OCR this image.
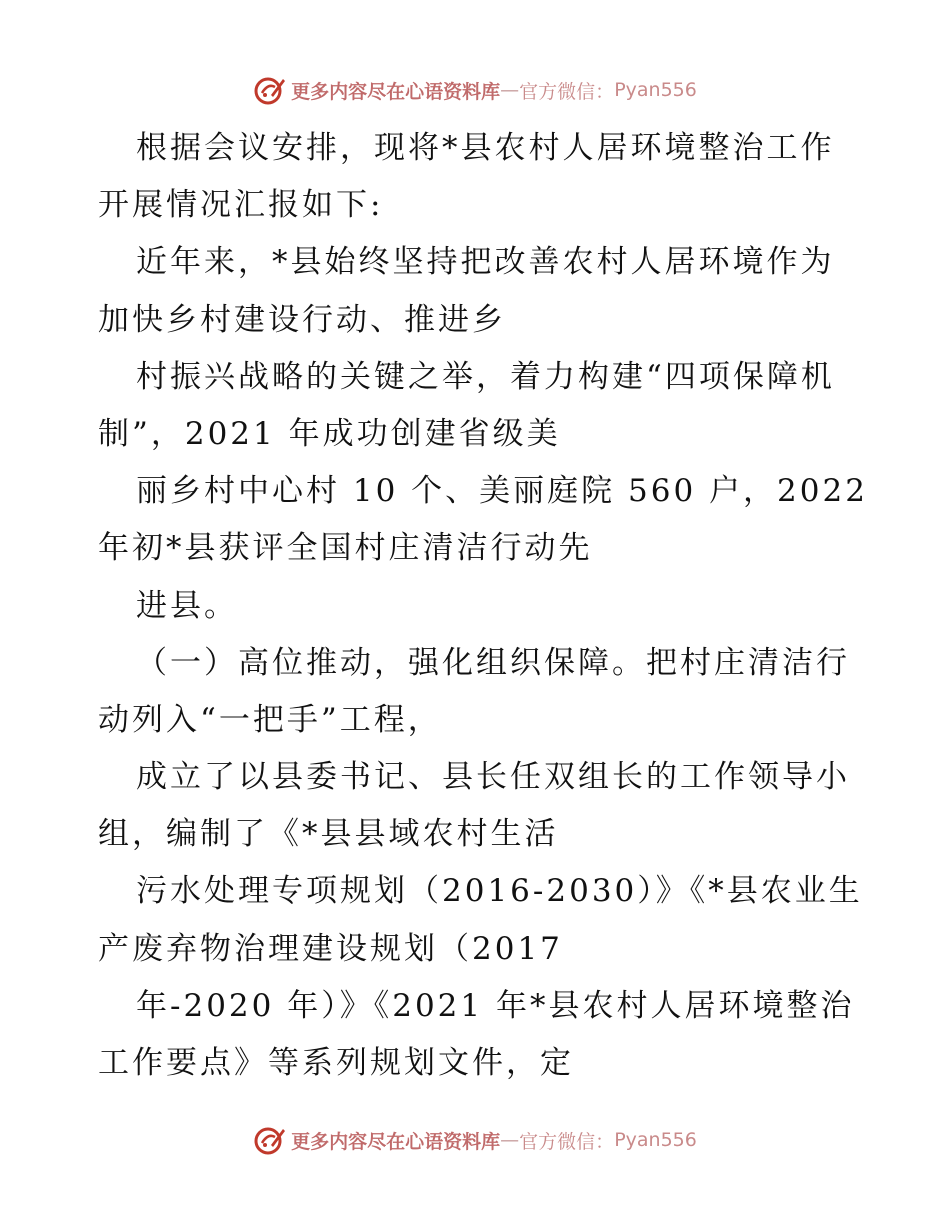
更多内容尽在心语资料库 — 官方微信： Pyan556
根据会议安排，现将*县农村人居环境整治工作
开展情况汇报如下:
近年来，*县始终坚持把改善农村人居环境作为
加快乡村建设行动、推进乡
村振兴战略的关键之举，着力构建“四项保障机
制”，2021 年成功创建省级美
丽乡村中心村 10 个、美丽庭院 560 户，2022
年初*县获评全国村庄清洁行动先
进县。
（一）高位推动，强化组织保障。把村庄清洁行
动列入“一把手”工程，
成立了以县委书记、县长任双组长的工作领导小
组，编制了《*县县域农村生活
污水处理专项规划（2016-2030）》《*县农业生
产废弃物治理建设规划（2017
年-2020 年）》《2021 年*县农村人居环境整治
工作要点》等系列规划文件，定
更多内容尽在心语资料库 — 官方微信： Pyan556
